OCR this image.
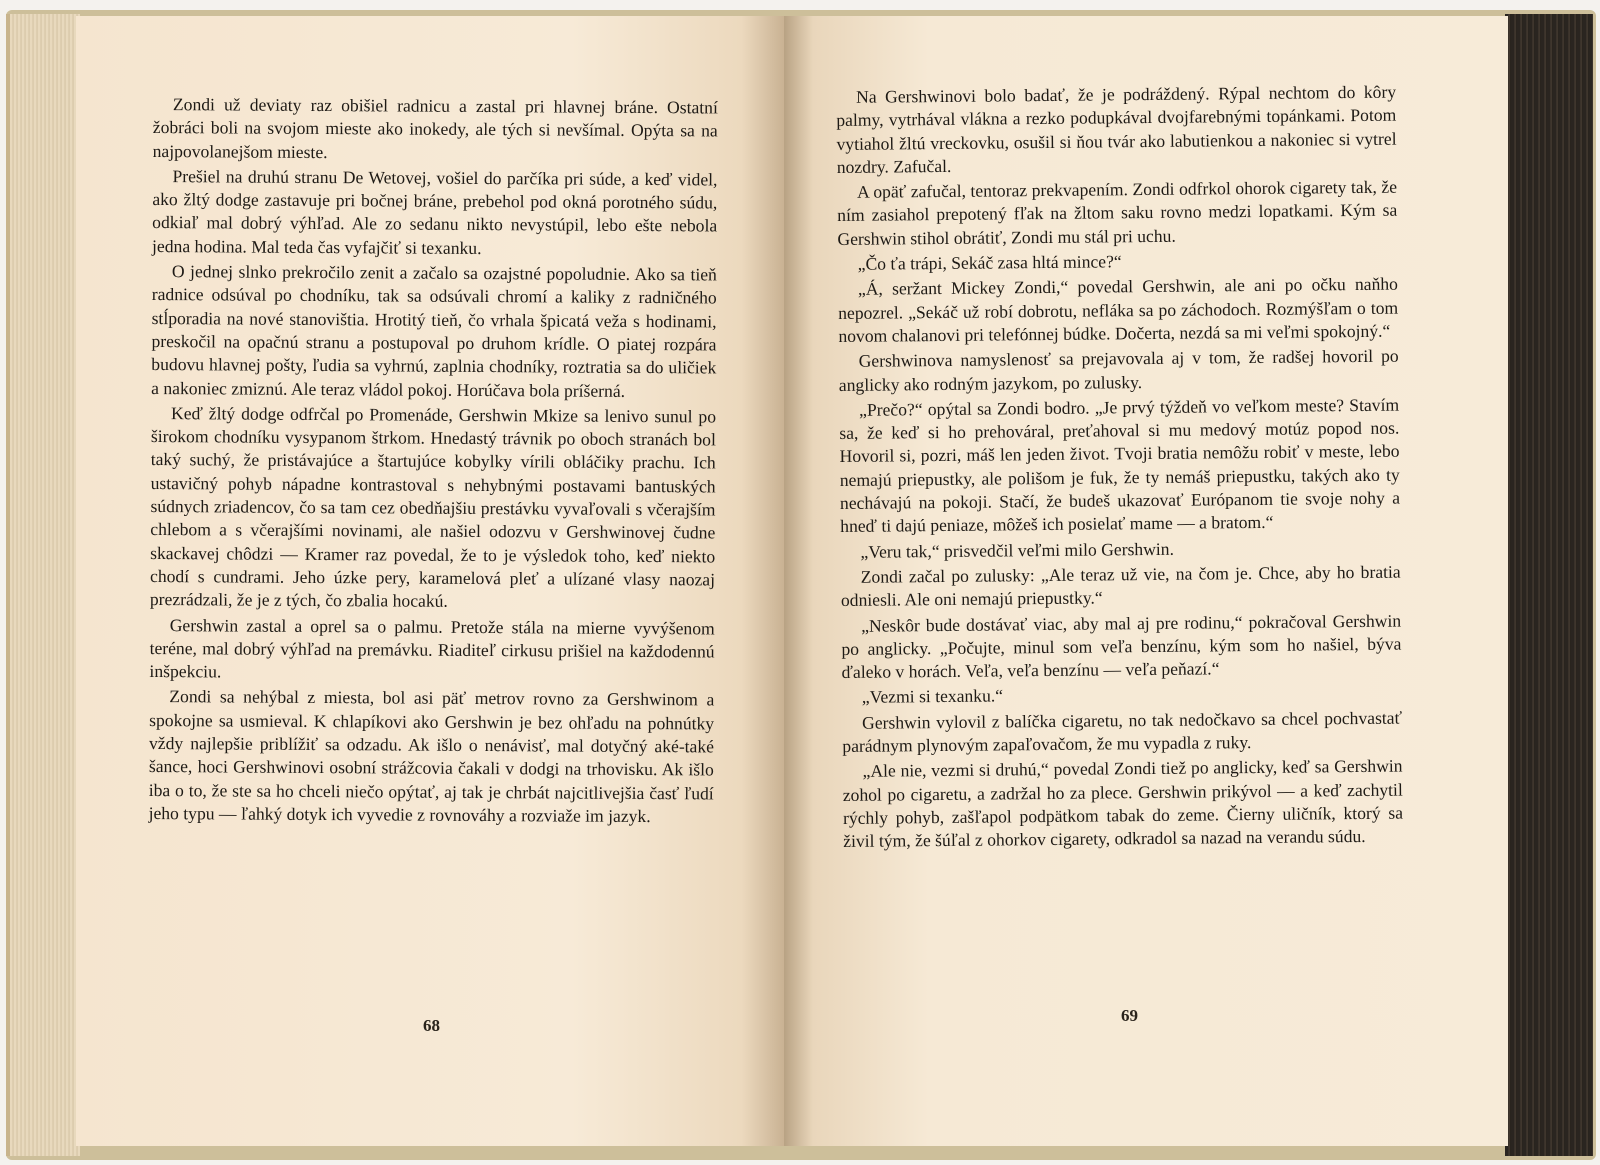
Zondi už deviaty raz obišiel radnicu a zastal pri hlavnej bráne. Ostatní žobráci boli na svojom mieste ako inokedy, ale tých si nevšímal. Opýta sa na najpovolanejšom mieste.

Prešiel na druhú stranu De Wetovej, vošiel do parčíka pri súde, a keď videl, ako žltý dodge zastavuje pri bočnej bráne, prebehol pod okná porotného súdu, odkiaľ mal dobrý výhľad. Ale zo sedanu nikto nevystúpil, lebo ešte nebola jedna hodina. Mal teda čas vyfajčiť si texanku.

O jednej slnko prekročilo zenit a začalo sa ozajstné popoludnie. Ako sa tieň radnice odsúval po chodníku, tak sa odsúvali chromí a kaliky z radničného stĺporadia na nové stanovištia. Hrotitý tieň, čo vrhala špicatá veža s hodinami, preskočil na opačnú stranu a postupoval po druhom krídle. O piatej rozpára budovu hlavnej pošty, ľudia sa vyhrnú, zaplnia chodníky, roztratia sa do uličiek a nakoniec zmiznú. Ale teraz vládol pokoj. Horúčava bola príšerná.

Keď žltý dodge odfrčal po Promenáde, Gershwin Mkize sa lenivo sunul po širokom chodníku vysypanom štrkom. Hnedastý trávnik po oboch stranách bol taký suchý, že pristávajúce a štartujúce kobylky vírili obláčiky prachu. Ich ustavičný pohyb nápadne kontrastoval s nehybnými postavami bantuských súdnych zriadencov, čo sa tam cez obedňajšiu prestávku vyvaľovali s včerajším chlebom a s včerajšími novinami, ale našiel odozvu v Gershwinovej čudne skackavej chôdzi — Kramer raz povedal, že to je výsledok toho, keď niekto chodí s cundrami. Jeho úzke pery, karamelová pleť a ulízané vlasy naozaj prezrádzali, že je z tých, čo zbalia hocakú.

Gershwin zastal a oprel sa o palmu. Pretože stála na mierne vyvýšenom teréne, mal dobrý výhľad na premávku. Riaditeľ cirkusu prišiel na každodennú inšpekciu.

Zondi sa nehýbal z miesta, bol asi päť metrov rovno za Gershwinom a spokojne sa usmieval. K chlapíkovi ako Gershwin je bez ohľadu na pohnútky vždy najlepšie priblížiť sa odzadu. Ak išlo o nenávisť, mal dotyčný aké-také šance, hoci Gershwinovi osobní strážcovia čakali v dodgi na trhovisku. Ak išlo iba o to, že ste sa ho chceli niečo opýtať, aj tak je chrbát najcitlivejšia časť ľudí jeho typu — ľahký dotyk ich vyvedie z rovnováhy a rozviaže im jazyk.

68

Na Gershwinovi bolo badať, že je podráždený. Rýpal nechtom do kôry palmy, vytrhával vlákna a rezko podupkával dvojfarebnými topánkami. Potom vytiahol žltú vreckovku, osušil si ňou tvár ako labutienkou a nakoniec si vytrel nozdry. Zafučal.

A opäť zafučal, tentoraz prekvapením. Zondi odfrkol ohorok cigarety tak, že ním zasiahol prepotený fľak na žltom saku rovno medzi lopatkami. Kým sa Gershwin stihol obrátiť, Zondi mu stál pri uchu.

„Čo ťa trápi, Sekáč zasa hltá mince?“

„Á, seržant Mickey Zondi,“ povedal Gershwin, ale ani po očku naňho nepozrel. „Sekáč už robí dobrotu, nefláka sa po záchodoch. Rozmýšľam o tom novom chalanovi pri telefónnej búdke. Dočerta, nezdá sa mi veľmi spokojný.“

Gershwinova namyslenosť sa prejavovala aj v tom, že radšej hovoril po anglicky ako rodným jazykom, po zulusky.

„Prečo?“ opýtal sa Zondi bodro. „Je prvý týždeň vo veľkom meste? Stavím sa, že keď si ho prehováral, preťahoval si mu medový motúz popod nos. Hovoril si, pozri, máš len jeden život. Tvoji bratia nemôžu robiť v meste, lebo nemajú priepustky, ale polišom je fuk, že ty nemáš priepustku, takých ako ty nechávajú na pokoji. Stačí, že budeš ukazovať Európanom tie svoje nohy a hneď ti dajú peniaze, môžeš ich posielať mame — a bratom.“

„Veru tak,“ prisvedčil veľmi milo Gershwin.

Zondi začal po zulusky: „Ale teraz už vie, na čom je. Chce, aby ho bratia odniesli. Ale oni nemajú priepustky.“

„Neskôr bude dostávať viac, aby mal aj pre rodinu,“ pokračoval Gershwin po anglicky. „Počujte, minul som veľa benzínu, kým som ho našiel, býva ďaleko v horách. Veľa, veľa benzínu — veľa peňazí.“

„Vezmi si texanku.“

Gershwin vylovil z balíčka cigaretu, no tak nedočkavo sa chcel pochvastať parádnym plynovým zapaľovačom, že mu vypadla z ruky.

„Ale nie, vezmi si druhú,“ povedal Zondi tiež po anglicky, keď sa Gershwin zohol po cigaretu, a zadržal ho za plece. Gershwin prikývol — a keď zachytil rýchly pohyb, zašľapol podpätkom tabak do zeme. Čierny uličník, ktorý sa živil tým, že šúľal z ohorkov cigarety, odkradol sa nazad na verandu súdu.

69
